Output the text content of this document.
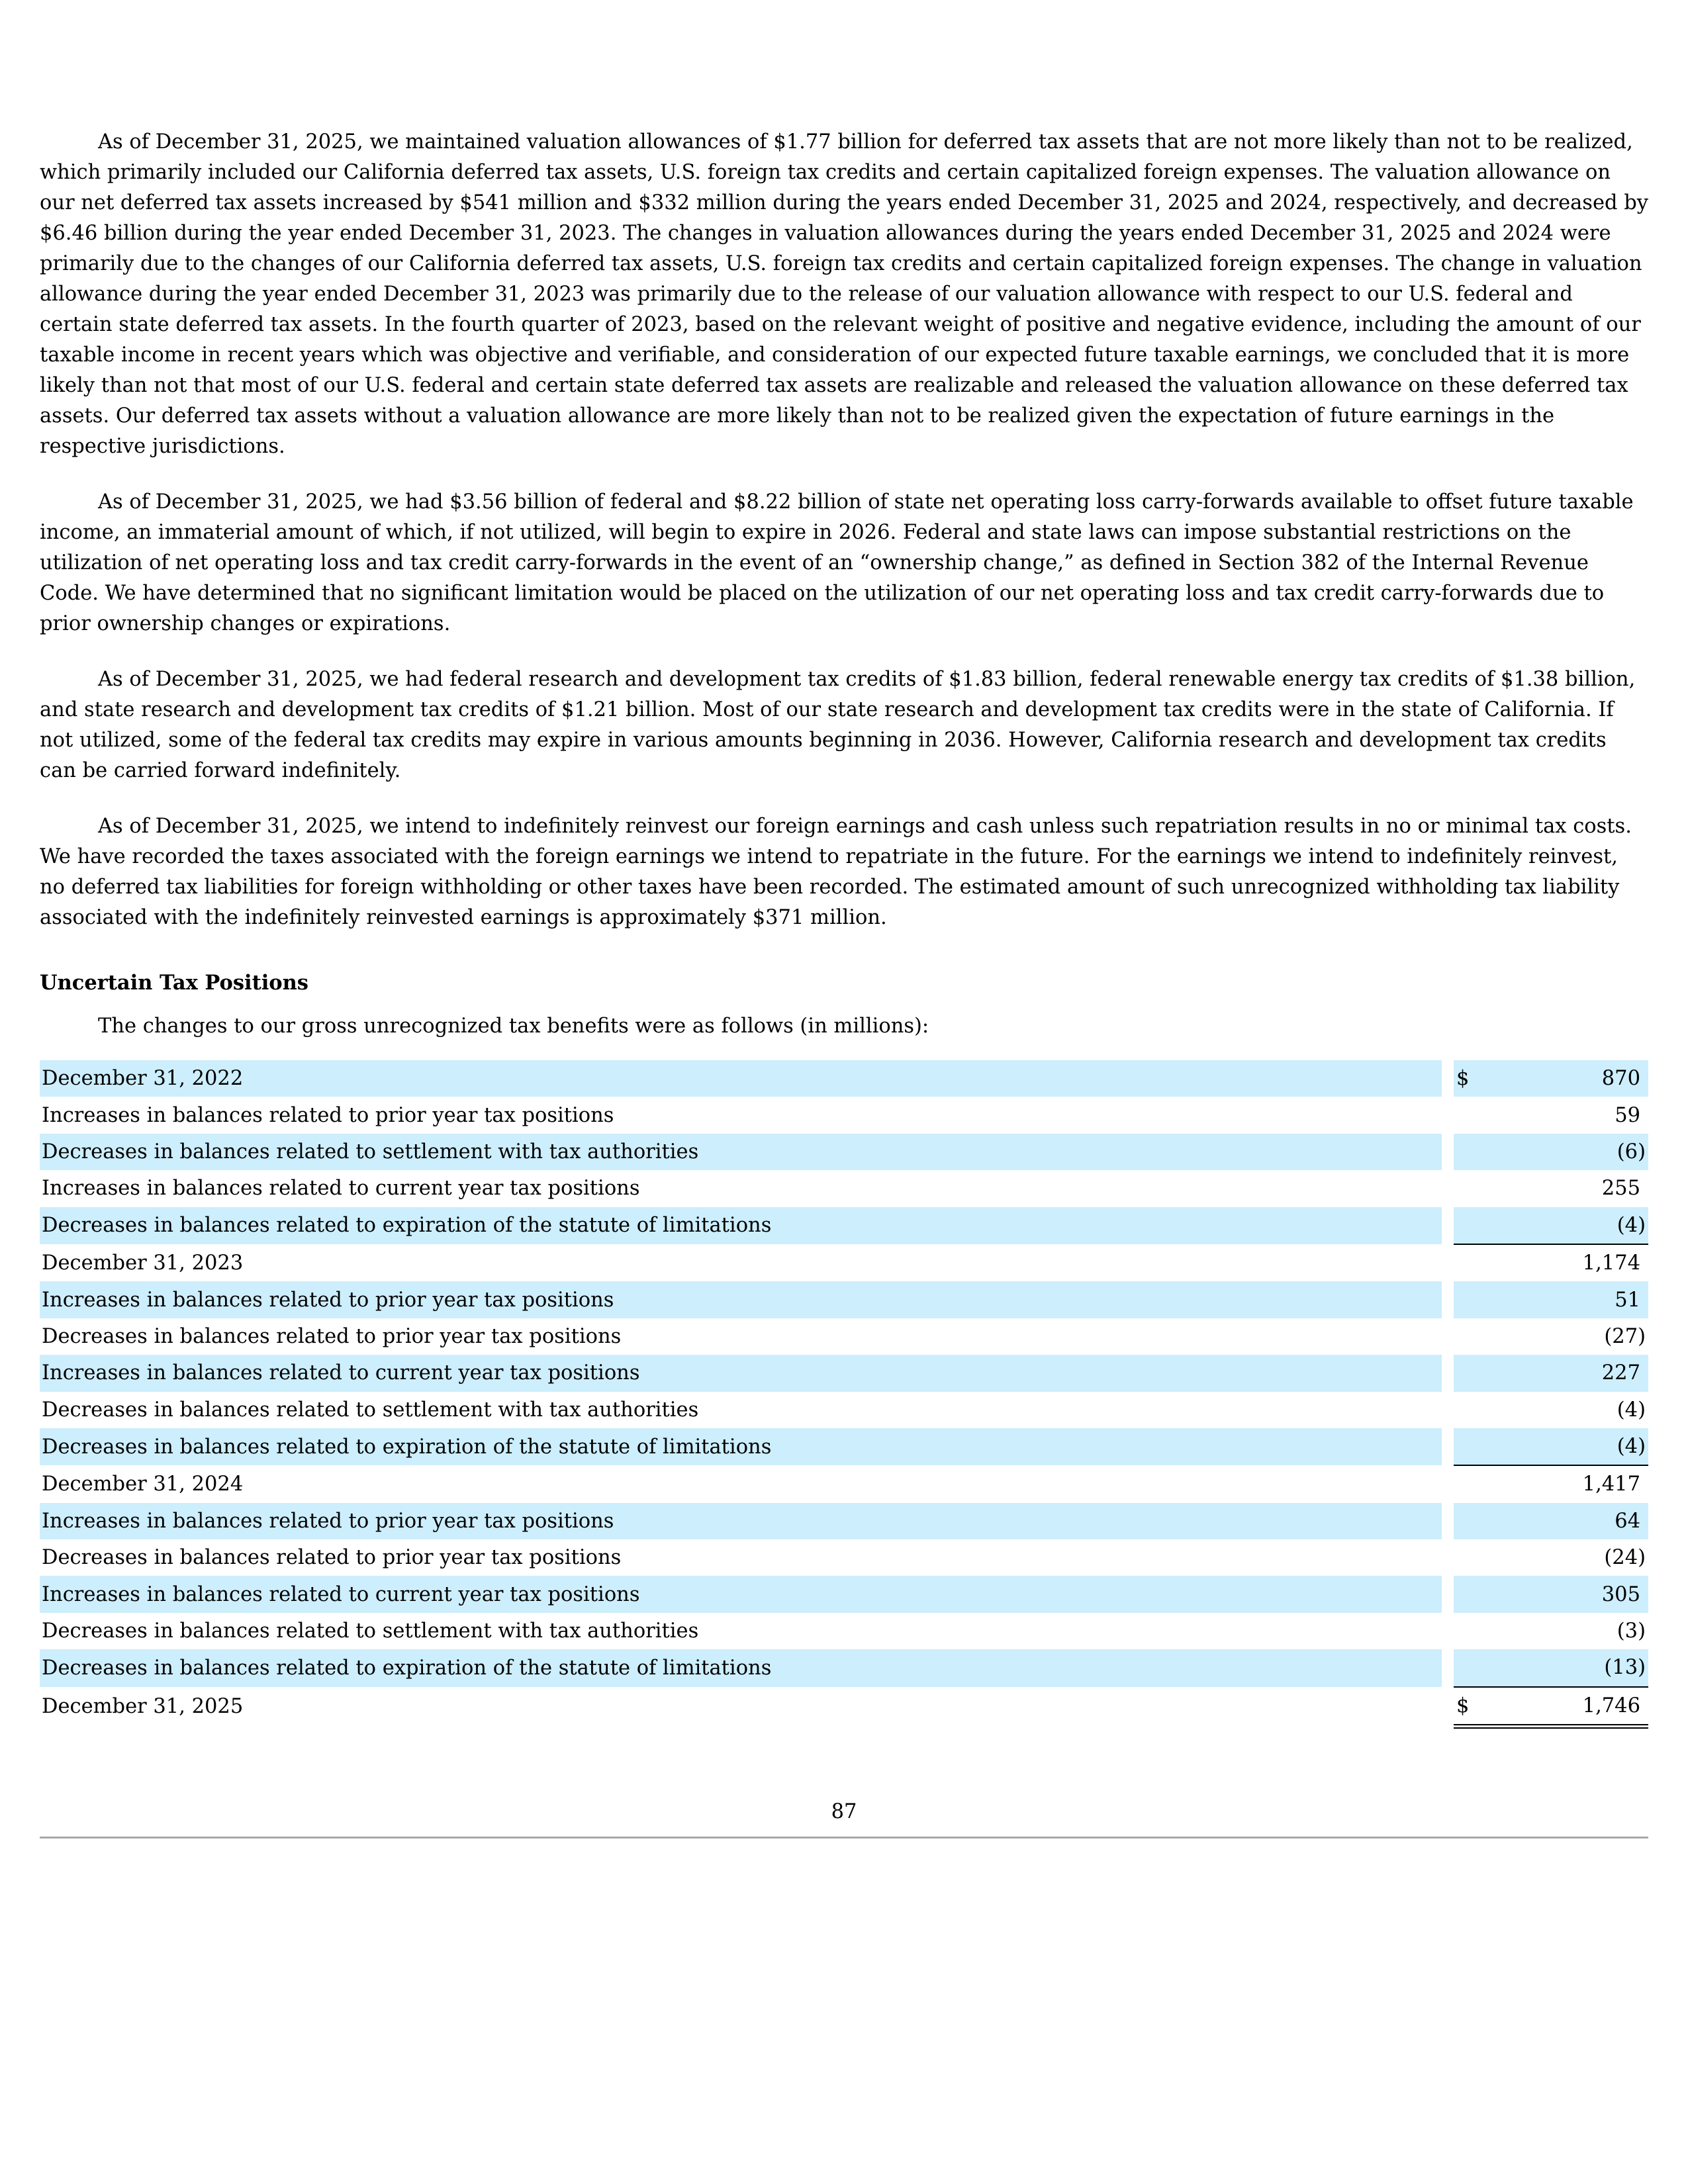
As of December 31, 2025, we maintained valuation allowances of $1.77 billion for deferred tax assets that are not more likely than not to be realized, which primarily included our California deferred tax assets, U.S. foreign tax credits and certain capitalized foreign expenses. The valuation allowance on our net deferred tax assets increased by $541 million and $332 million during the years ended December 31, 2025 and 2024, respectively, and decreased by $6.46 billion during the year ended December 31, 2023. The changes in valuation allowances during the years ended December 31, 2025 and 2024 were primarily due to the changes of our California deferred tax assets, U.S. foreign tax credits and certain capitalized foreign expenses. The change in valuation allowance during the year ended December 31, 2023 was primarily due to the release of our valuation allowance with respect to our U.S. federal and certain state deferred tax assets. In the fourth quarter of 2023, based on the relevant weight of positive and negative evidence, including the amount of our taxable income in recent years which was objective and verifiable, and consideration of our expected future taxable earnings, we concluded that it is more likely than not that most of our U.S. federal and certain state deferred tax assets are realizable and released the valuation allowance on these deferred tax assets. Our deferred tax assets without a valuation allowance are more likely than not to be realized given the expectation of future earnings in the respective jurisdictions.

As of December 31, 2025, we had $3.56 billion of federal and $8.22 billion of state net operating loss carry-forwards available to offset future taxable income, an immaterial amount of which, if not utilized, will begin to expire in 2026. Federal and state laws can impose substantial restrictions on the utilization of net operating loss and tax credit carry-forwards in the event of an “ownership change,” as defined in Section 382 of the Internal Revenue Code. We have determined that no significant limitation would be placed on the utilization of our net operating loss and tax credit carry-forwards due to prior ownership changes or expirations.

As of December 31, 2025, we had federal research and development tax credits of $1.83 billion, federal renewable energy tax credits of $1.38 billion, and state research and development tax credits of $1.21 billion. Most of our state research and development tax credits were in the state of California. If not utilized, some of the federal tax credits may expire in various amounts beginning in 2036. However, California research and development tax credits can be carried forward indefinitely.

As of December 31, 2025, we intend to indefinitely reinvest our foreign earnings and cash unless such repatriation results in no or minimal tax costs. We have recorded the taxes associated with the foreign earnings we intend to repatriate in the future. For the earnings we intend to indefinitely reinvest, no deferred tax liabilities for foreign withholding or other taxes have been recorded. The estimated amount of such unrecognized withholding tax liability associated with the indefinitely reinvested earnings is approximately $371 million.

Uncertain Tax Positions

The changes to our gross unrecognized tax benefits were as follows (in millions):

December 31, 2022		$	870
Increases in balances related to prior year tax positions			59
Decreases in balances related to settlement with tax authorities			(6)
Increases in balances related to current year tax positions			255
Decreases in balances related to expiration of the statute of limitations			(4)
December 31, 2023			1,174
Increases in balances related to prior year tax positions			51
Decreases in balances related to prior year tax positions			(27)
Increases in balances related to current year tax positions			227
Decreases in balances related to settlement with tax authorities			(4)
Decreases in balances related to expiration of the statute of limitations			(4)
December 31, 2024			1,417
Increases in balances related to prior year tax positions			64
Decreases in balances related to prior year tax positions			(24)
Increases in balances related to current year tax positions			305
Decreases in balances related to settlement with tax authorities			(3)
Decreases in balances related to expiration of the statute of limitations			(13)
December 31, 2025		$	1,746
87
